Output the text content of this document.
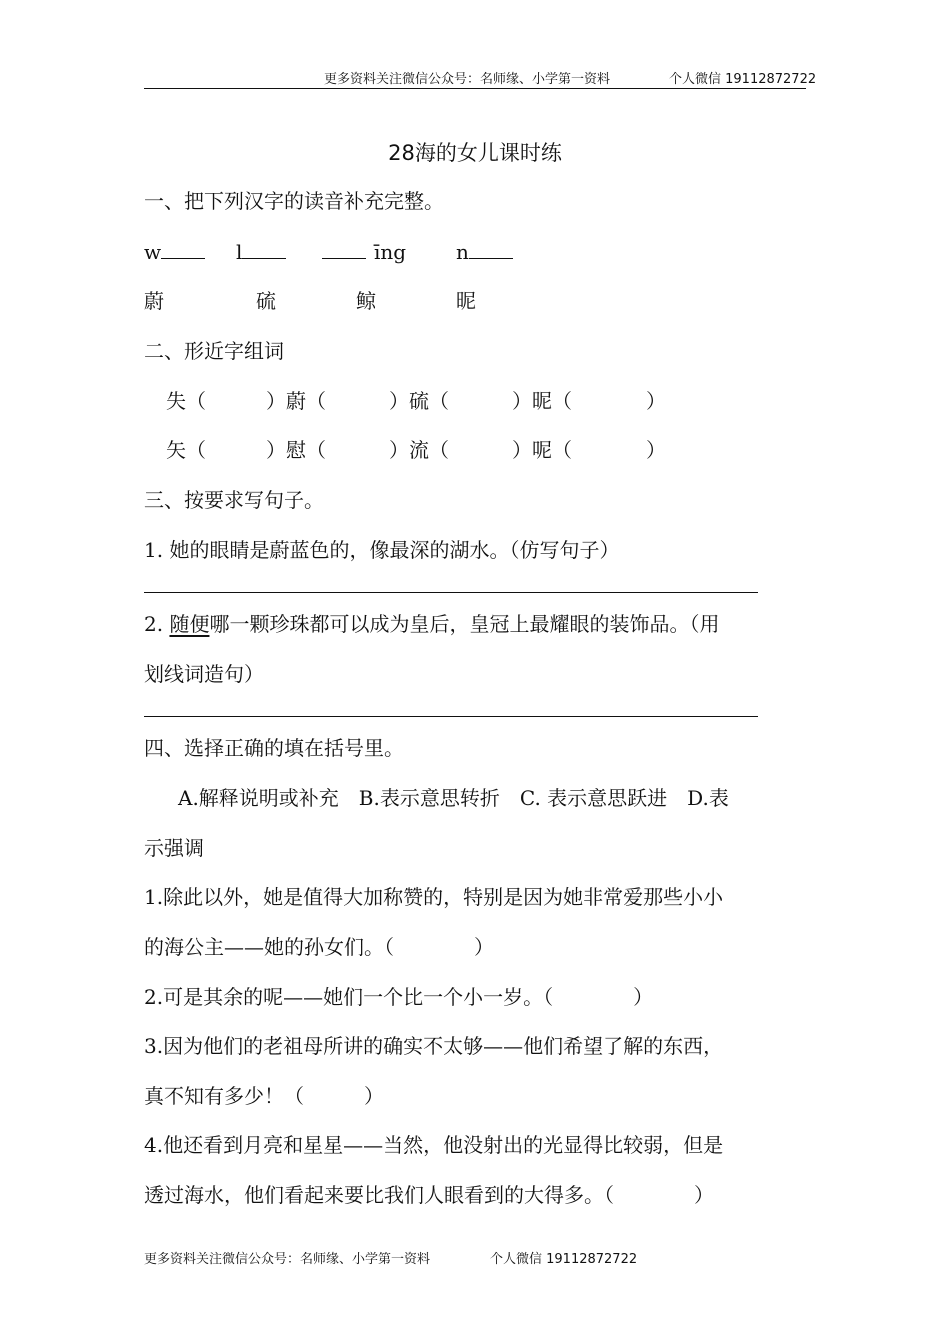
更多资料关注微信公众号：名师缘、小学第一资料	个人微信 19112872722
28海的女儿课时练
一、把下列汉字的读音补充完整。
w	l	īng n
蔚	硫	鲸	昵
二、形近字组词
失（	）蔚（	）硫（	）昵（	）
矢（	）慰（	）流（	）呢（	）
三、按要求写句子。
1. 她的眼睛是蔚蓝色的，像最深的湖水。（仿写句子）
2. 随便哪一颗珍珠都可以成为皇后，皇冠上最耀眼的装饰品。（用
划线词造句）
四、选择正确的填在括号里。
A.解释说明或补充　B.表示意思转折　C. 表示意思跃进　D.表
示强调
1.除此以外，她是值得大加称赞的，特别是因为她非常爱那些小小
的海公主——她的孙女们。（　　　　）
2.可是其余的呢——她们一个比一个小一岁。（　　　　）
3.因为他们的老祖母所讲的确实不太够——他们希望了解的东西，
真不知有多少！（　　　）
4.他还看到月亮和星星——当然，他没射出的光显得比较弱，但是
透过海水，他们看起来要比我们人眼看到的大得多。（　　　　）
更多资料关注微信公众号：名师缘、小学第一资料	个人微信 19112872722
